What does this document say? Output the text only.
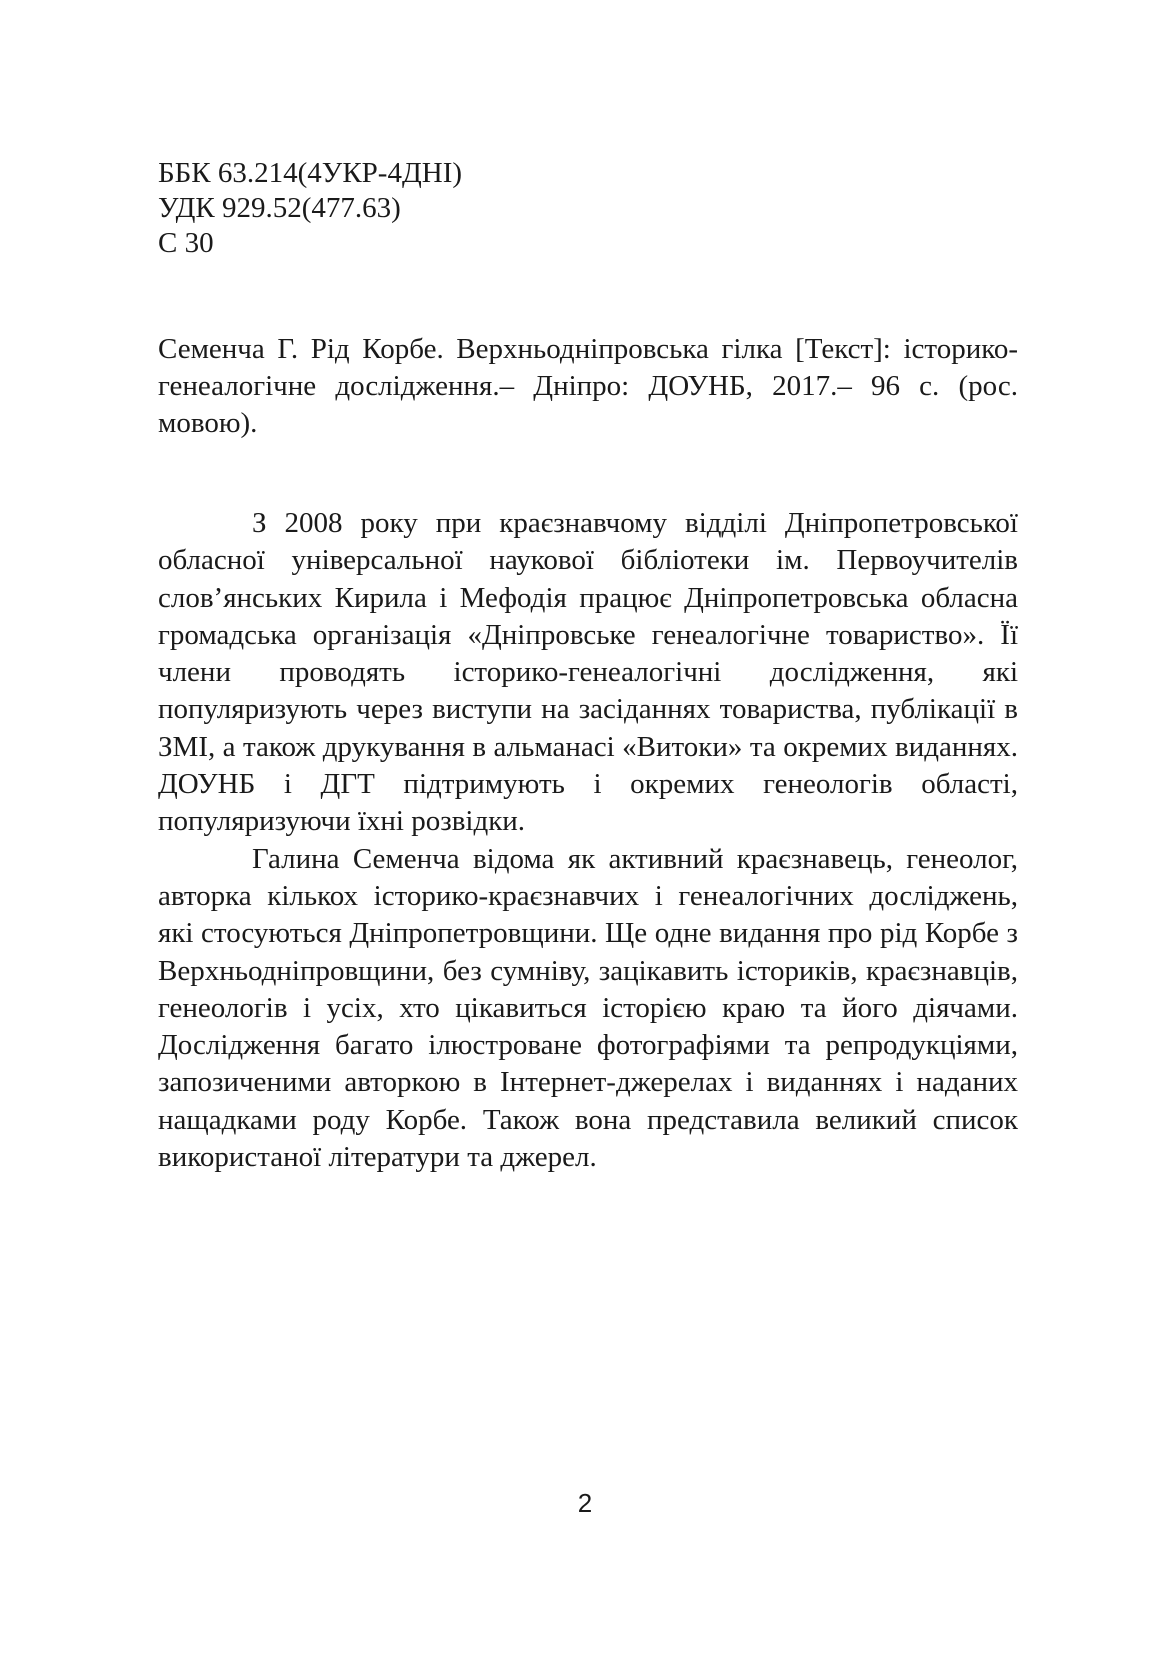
ББК 63.214(4УКР-4ДНІ)
УДК 929.52(477.63)
С 30
Семенча Г. Рід Корбе. Верхньодніпровська гілка [Текст]: історико-генеалогічне дослідження.– Дніпро: ДОУНБ, 2017.– 96 с. (рос. мовою).

З 2008 року при краєзнавчому відділі Дніпропетровської обласної універсальної наукової бібліотеки ім. Первоучителів слов’янських Кирила і Мефодія працює Дніпропетровська обласна громадська організація «Дніпровське генеалогічне товариство». Її члени проводять історико-генеалогічні дослідження, які популяризують через виступи на засіданнях товариства, публікації в ЗМІ, а також друкування в альманасі «Витоки» та окремих виданнях. ДОУНБ і ДГТ підтримують і окремих генеологів області, популяризуючи їхні розвідки.

Галина Семенча відома як активний краєзнавець, генеолог, авторка кількох історико-краєзнавчих і генеалогічних досліджень, які стосуються Дніпропетровщини. Ще одне видання про рід Корбе з Верхньодніпровщини, без сумніву, зацікавить істориків, краєзнавців, генеологів і усіх, хто цікавиться історією краю та його діячами. Дослідження багато ілюстроване фотографіями та репродукціями, запозиченими авторкою в Інтернет-джерелах і виданнях і наданих нащадками роду Корбе. Також вона представила великий список використаної літератури та джерел.

2
